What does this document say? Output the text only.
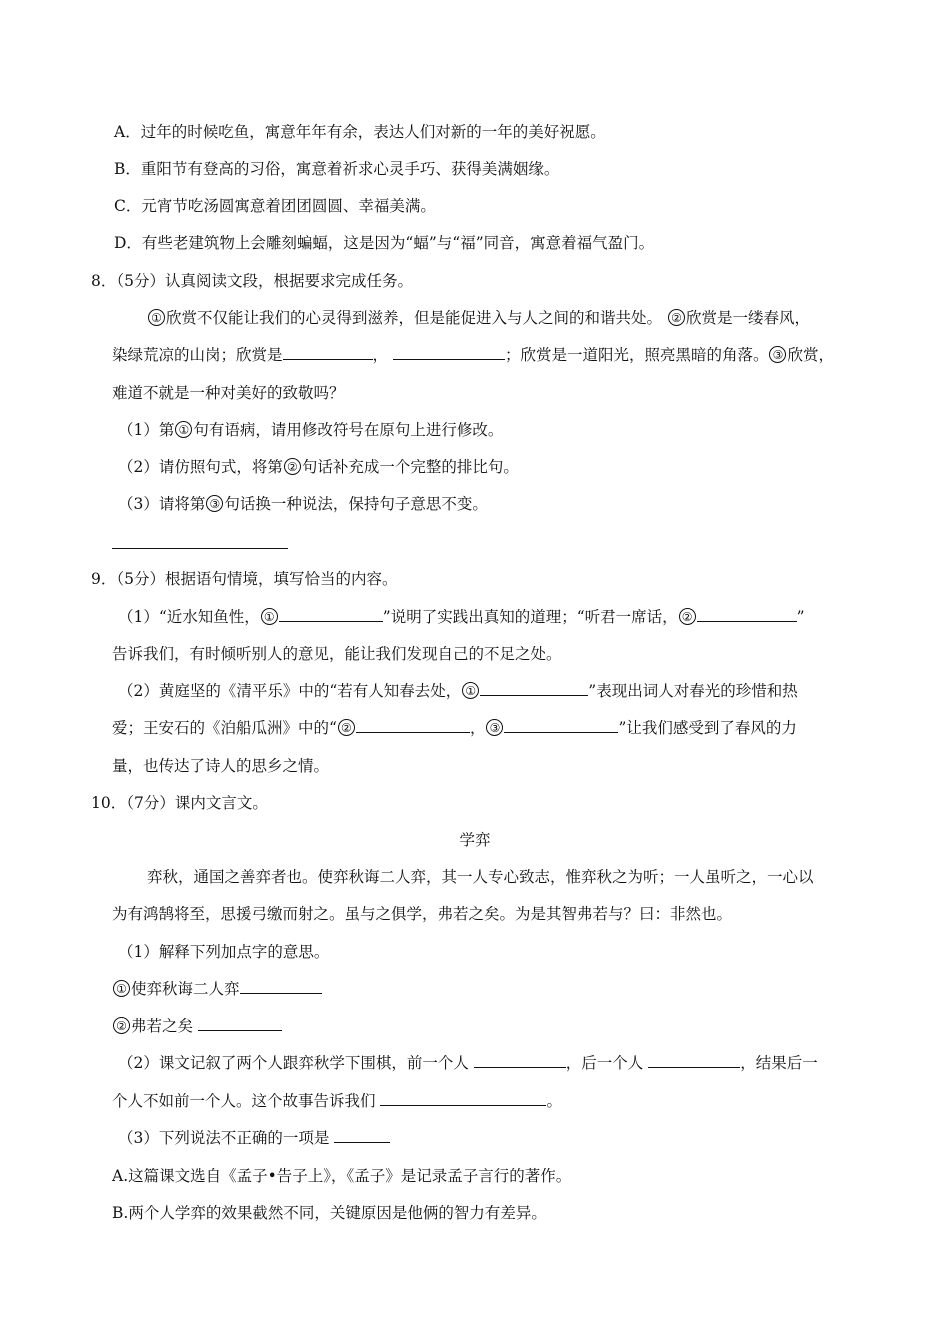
A．过年的时候吃鱼，寓意年年有余，表达人们对新的一年的美好祝愿。
B．重阳节有登高的习俗，寓意着祈求心灵手巧、获得美满姻缘。
C．元宵节吃汤圆寓意着团团圆圆、幸福美满。
D．有些老建筑物上会雕刻蝙蝠，这是因为“蝠”与“福”同音，寓意着福气盈门。
8．（5分）认真阅读文段，根据要求完成任务。
① 欣赏不仅能让我们的心灵得到滋养，但是能促进入与人之间的和谐共处。 ② 欣赏是一缕春风，
染绿荒凉的山岗；欣赏是	，	；欣赏是一道阳光，照亮黑暗的角落。 ③ 欣赏，
难道不就是一种对美好的致敬吗？
（1）第 ① 句有语病，请用修改符号在原句上进行修改。
（2）请仿照句式，将第 ② 句话补充成一个完整的排比句。
（3）请将第 ③ 句话换一种说法，保持句子意思不变。
9．（5分）根据语句情境，填写恰当的内容。
（1）“近水知鱼性， ①	”说明了实践出真知的道理；“听君一席话， ②	”
告诉我们，有时倾听别人的意见，能让我们发现自己的不足之处。
（2）黄庭坚的《清平乐》中的“若有人知春去处， ①	”表现出词人对春光的珍惜和热
爱；王安石的《泊船瓜洲》中的“ ②	， ③	”让我们感受到了春风的力
量，也传达了诗人的思乡之情。
10．（7分）课内文言文。
学弈
弈秋，通国之善弈者也。使弈秋诲二人弈，其一人专心致志，惟弈秋之为听；一人虽听之，一心以
为有鸿鹄将至，思援弓缴而射之。虽与之俱学，弗若之矣。为是其智弗若与？曰：非然也。
（1）解释下列加点字的意思。
① 使弈秋诲二人弈
② 弗若之矣
（2）课文记叙了两个人跟弈秋学下围棋，前一个人	，后一个人	，结果后一
个人不如前一个人。这个故事告诉我们	。
（3）下列说法不正确的一项是
A.这篇课文选自《孟子•告子上》，《孟子》是记录孟子言行的著作。
B.两个人学弈的效果截然不同，关键原因是他俩的智力有差异。
